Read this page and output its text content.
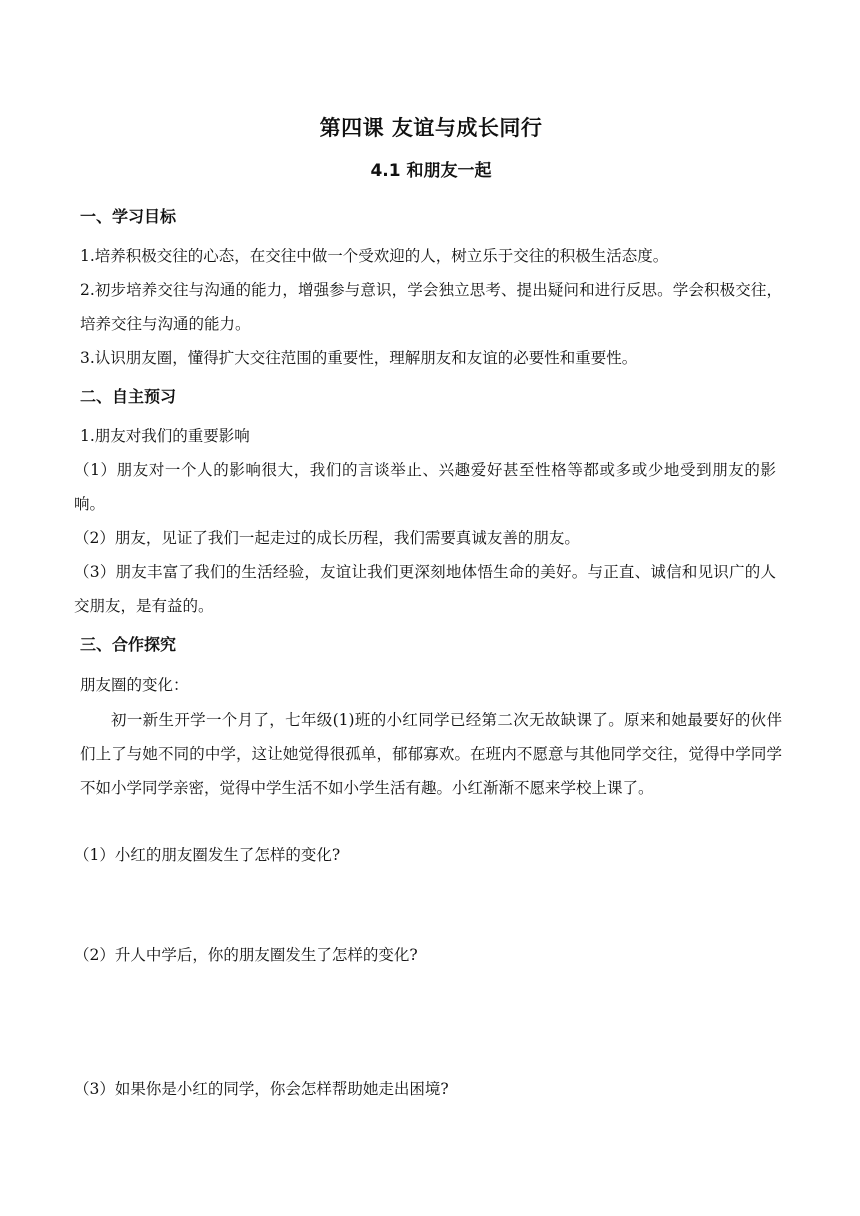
第四课 友谊与成长同行
4.1 和朋友一起
一、学习目标
1.培养积极交往的心态，在交往中做一个受欢迎的人，树立乐于交往的积极生活态度。
2.初步培养交往与沟通的能力，增强参与意识，学会独立思考、提出疑问和进行反思。学会积极交往，培养交往与沟通的能力。
3.认识朋友圈，懂得扩大交往范围的重要性，理解朋友和友谊的必要性和重要性。
二、自主预习
1.朋友对我们的重要影响
（1）朋友对一个人的影响很大，我们的言谈举止、兴趣爱好甚至性格等都或多或少地受到朋友的影响。
（2）朋友，见证了我们一起走过的成长历程，我们需要真诚友善的朋友。
（3）朋友丰富了我们的生活经验，友谊让我们更深刻地体悟生命的美好。与正直、诚信和见识广的人交朋友，是有益的。
三、合作探究
朋友圈的变化：
初一新生开学一个月了，七年级(1)班的小红同学已经第二次无故缺课了。原来和她最要好的伙伴们上了与她不同的中学，这让她觉得很孤单，郁郁寡欢。在班内不愿意与其他同学交往，觉得中学同学不如小学同学亲密，觉得中学生活不如小学生活有趣。小红渐渐不愿来学校上课了。
（1）小红的朋友圈发生了怎样的变化?
（2）升人中学后，你的朋友圈发生了怎样的变化?
（3）如果你是小红的同学，你会怎样帮助她走出困境?
